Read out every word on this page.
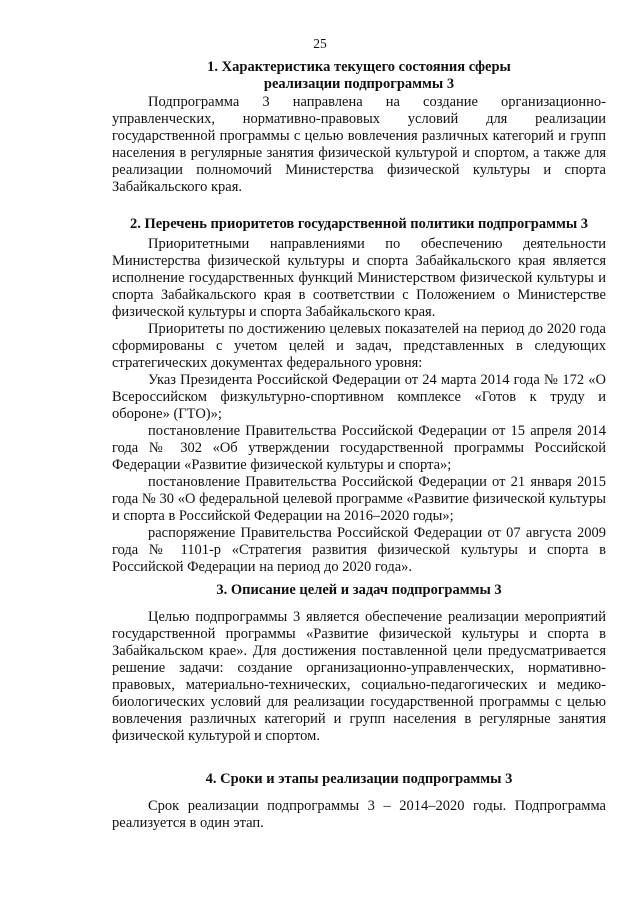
25
1. Характеристика текущего состояния сферы
реализации подпрограммы 3

Подпрограмма 3 направлена на создание организационно-управленческих, нормативно-правовых условий для реализации государственной программы с целью вовлечения различных категорий и групп населения в регулярные занятия физической культурой и спортом, а также для реализации полномочий Министерства физической культуры и спорта Забайкальского края.

2. Перечень приоритетов государственной политики подпрограммы 3

Приоритетными направлениями по обеспечению деятельности Министерства физической культуры и спорта Забайкальского края является исполнение государственных функций Министерством физической культуры и спорта Забайкальского края в соответствии с Положением о Министерстве физической культуры и спорта Забайкальского края.

Приоритеты по достижению целевых показателей на период до 2020 года сформированы с учетом целей и задач, представленных в следующих стратегических документах федерального уровня:

Указ Президента Российской Федерации от 24 марта 2014 года № 172 «О Всероссийском физкультурно-спортивном комплексе «Готов к труду и обороне» (ГТО)»;

постановление Правительства Российской Федерации от 15 апреля 2014 года № 302 «Об утверждении государственной программы Российской Федерации «Развитие физической культуры и спорта»;

постановление Правительства Российской Федерации от 21 января 2015 года № 30 «О федеральной целевой программе «Развитие физической культуры и спорта в Российской Федерации на 2016–2020 годы»;

распоряжение Правительства Российской Федерации от 07 августа 2009 года № 1101-р «Стратегия развития физической культуры и спорта в Российской Федерации на период до 2020 года».

3. Описание целей и задач подпрограммы 3

Целью подпрограммы 3 является обеспечение реализации мероприятий государственной программы «Развитие физической культуры и спорта в Забайкальском крае». Для достижения поставленной цели предусматривается решение задачи: создание организационно-управленческих, нормативно-правовых, материально-технических, социально-педагогических и медико-биологических условий для реализации государственной программы с целью вовлечения различных категорий и групп населения в регулярные занятия физической культурой и спортом.

4. Сроки и этапы реализации подпрограммы 3

Срок реализации подпрограммы 3 – 2014–2020 годы. Подпрограмма реализуется в один этап.
